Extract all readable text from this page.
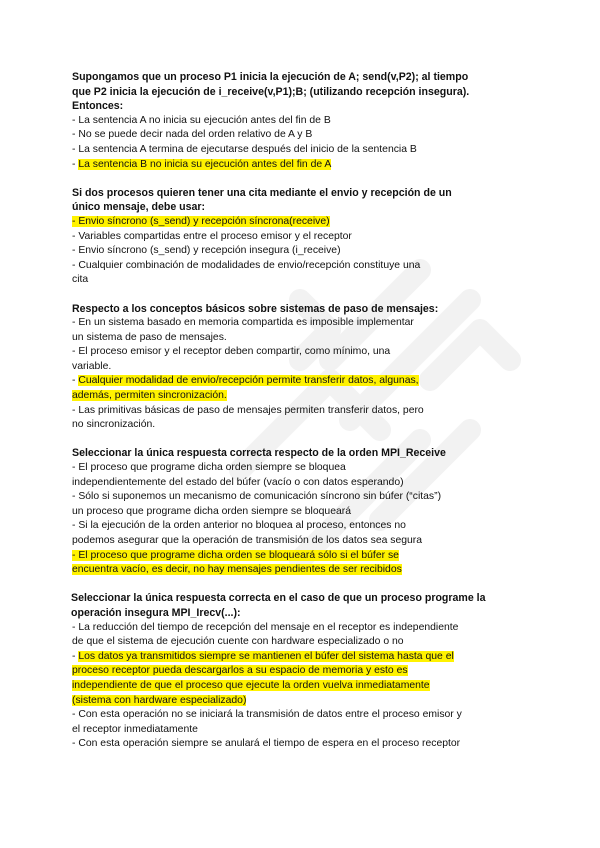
Supongamos que un proceso P1 inicia la ejecución de A; send(v,P2); al tiempo
que P2 inicia la ejecución de i_receive(v,P1);B; (utilizando recepción insegura).
Entonces:
- La sentencia A no inicia su ejecución antes del fin de B
- No se puede decir nada del orden relativo de A y B
- La sentencia A termina de ejecutarse después del inicio de la sentencia B
- La sentencia B no inicia su ejecución antes del fin de A
Si dos procesos quieren tener una cita mediante el envio y recepción de un
único mensaje, debe usar:
- Envio síncrono (s_send) y recepción síncrona(receive)
- Variables compartidas entre el proceso emisor y el receptor
- Envio síncrono (s_send) y recepción insegura (i_receive)
- Cualquier combinación de modalidades de envio/recepción constituye una
cita
Respecto a los conceptos básicos sobre sistemas de paso de mensajes:
- En un sistema basado en memoria compartida es imposible implementar
un sistema de paso de mensajes.
- El proceso emisor y el receptor deben compartir, como mínimo, una
variable.
- Cualquier modalidad de envio/recepción permite transferir datos, algunas,
además, permiten sincronización.
- Las primitivas básicas de paso de mensajes permiten transferir datos, pero
no sincronización.
Seleccionar la única respuesta correcta respecto de la orden MPI_Receive
- El proceso que programe dicha orden siempre se bloquea
independientemente del estado del búfer (vacío o con datos esperando)
- Sólo si suponemos un mecanismo de comunicación síncrono sin búfer (“citas”)
un proceso que programe dicha orden siempre se bloqueará
- Si la ejecución de la orden anterior no bloquea al proceso, entonces no
podemos asegurar que la operación de transmisión de los datos sea segura
- El proceso que programe dicha orden se bloqueará sólo si el búfer se
encuentra vacío, es decir, no hay mensajes pendientes de ser recibidos
Seleccionar la única respuesta correcta en el caso de que un proceso programe la
operación insegura MPI_Irecv(...):
- La reducción del tiempo de recepción del mensaje en el receptor es independiente
de que el sistema de ejecución cuente con hardware especializado o no
- Los datos ya transmitidos siempre se mantienen el búfer del sistema hasta que el
proceso receptor pueda descargarlos a su espacio de memoria y esto es
independiente de que el proceso que ejecute la orden vuelva inmediatamente
(sistema con hardware especializado)
- Con esta operación no se iniciará la transmisión de datos entre el proceso emisor y
el receptor inmediatamente
- Con esta operación siempre se anulará el tiempo de espera en el proceso receptor
